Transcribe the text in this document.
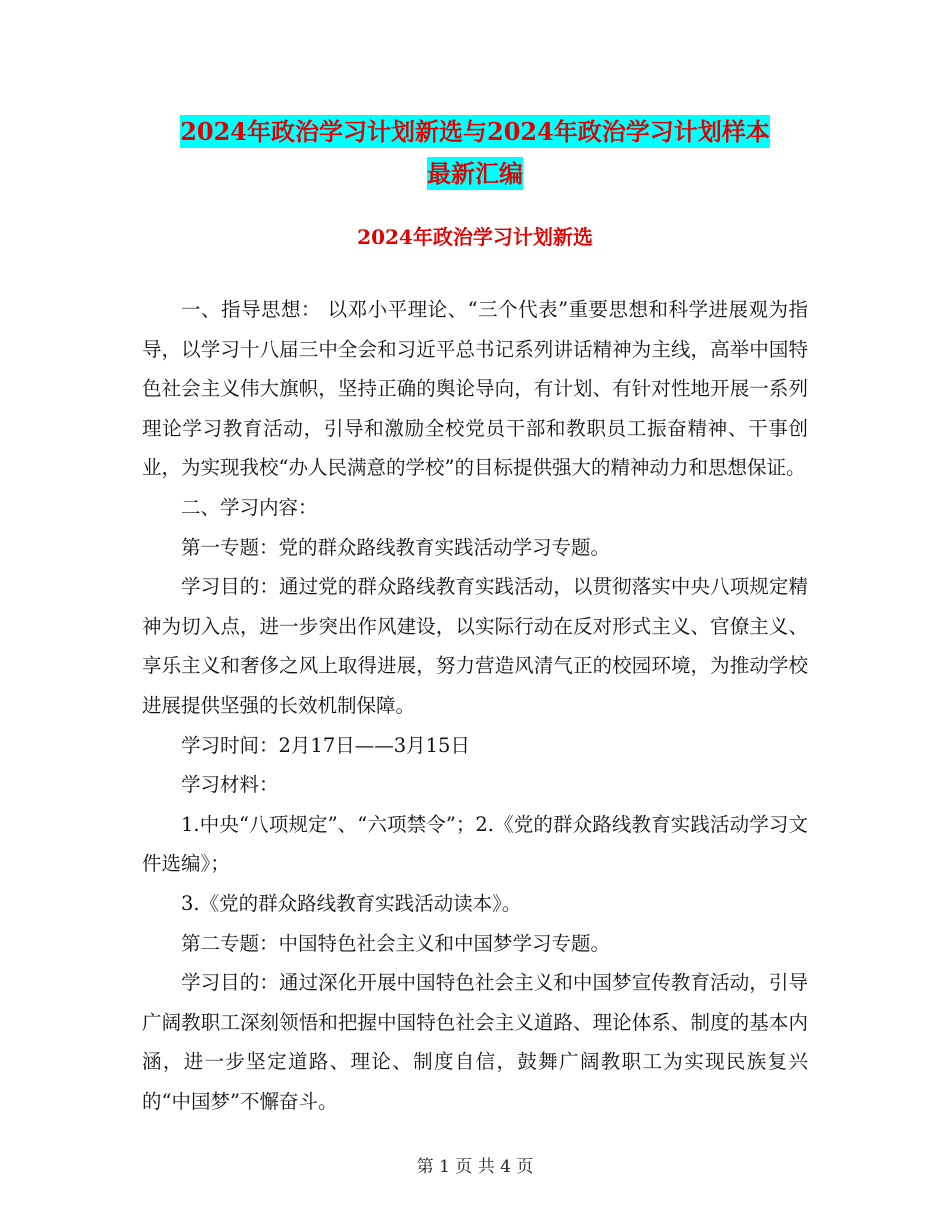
2024年政治学习计划新选与2024年政治学习计划样本
最新汇编
2024年政治学习计划新选

一、指导思想： 以邓小平理论、“三个代表”重要思想和科学进展观为指导，以学习十八届三中全会和习近平总书记系列讲话精神为主线，高举中国特色社会主义伟大旗帜，坚持正确的舆论导向，有计划、有针对性地开展一系列理论学习教育活动，引导和激励全校党员干部和教职员工振奋精神、干事创业，为实现我校“办人民满意的学校”的目标提供强大的精神动力和思想保证。

二、学习内容：

第一专题：党的群众路线教育实践活动学习专题。

学习目的：通过党的群众路线教育实践活动，以贯彻落实中央八项规定精神为切入点，进一步突出作风建设，以实际行动在反对形式主义、官僚主义、享乐主义和奢侈之风上取得进展，努力营造风清气正的校园环境，为推动学校进展提供坚强的长效机制保障。

学习时间：2月17日——3月15日

学习材料：

1.中央“八项规定”、“六项禁令”；2.《党的群众路线教育实践活动学习文件选编》；

3.《党的群众路线教育实践活动读本》。

第二专题：中国特色社会主义和中国梦学习专题。

学习目的：通过深化开展中国特色社会主义和中国梦宣传教育活动，引导广阔教职工深刻领悟和把握中国特色社会主义道路、理论体系、制度的基本内涵，进一步坚定道路、理论、制度自信，鼓舞广阔教职工为实现民族复兴的“中国梦”不懈奋斗。

第 1 页 共 4 页
